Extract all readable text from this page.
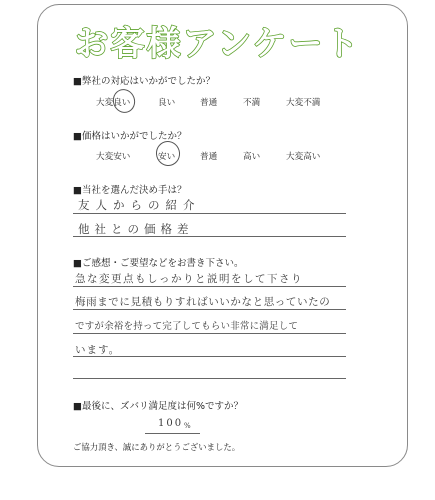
お客様アンケート
■弊社の対応はいかがでしたか？
大変良い	良い	普通	不満	大変不満
■価格はいかがでしたか？
大変安い	安い	普通	高い	大変高い
■当社を選んだ決め手は？
友人からの紹介
他社との価格差
■ご感想・ご要望などをお書き下さい。
急な変更点もしっかりと説明をして下さり
梅雨までに見積もりすればいいかなと思っていたの
ですが余裕を持って完了してもらい非常に満足して
います。
■最後に、ズバリ満足度は何%ですか？
100 %
ご協力頂き、誠にありがとうございました。
